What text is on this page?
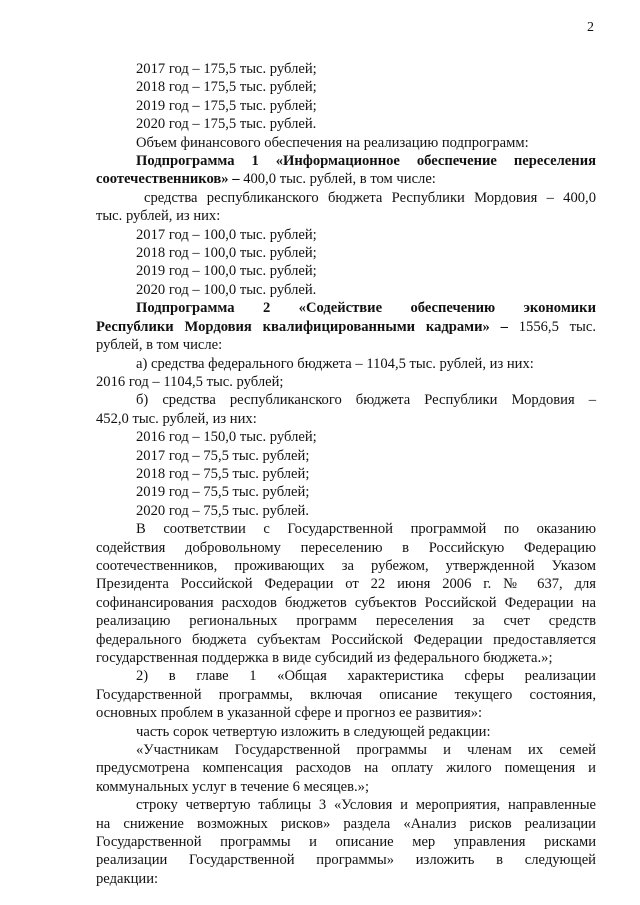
2
2017 год – 175,5 тыс. рублей;
2018 год – 175,5 тыс. рублей;
2019 год – 175,5 тыс. рублей;
2020 год – 175,5 тыс. рублей.
Объем финансового обеспечения на реализацию подпрограмм:
Подпрограмма 1 «Информационное обеспечение переселения
соотечественников» – 400,0 тыс. рублей, в том числе:
средства республиканского бюджета Республики Мордовия – 400,0
тыс. рублей, из них:
2017 год – 100,0 тыс. рублей;
2018 год – 100,0 тыс. рублей;
2019 год – 100,0 тыс. рублей;
2020 год – 100,0 тыс. рублей.
Подпрограмма 2 «Содействие обеспечению экономики
Республики Мордовия квалифицированными кадрами» – 1556,5 тыс.
рублей, в том числе:
а) средства федерального бюджета – 1104,5 тыс. рублей, из них:
2016 год – 1104,5 тыс. рублей;
б) средства республиканского бюджета Республики Мордовия –
452,0 тыс. рублей, из них:
2016 год – 150,0 тыс. рублей;
2017 год – 75,5 тыс. рублей;
2018 год – 75,5 тыс. рублей;
2019 год – 75,5 тыс. рублей;
2020 год – 75,5 тыс. рублей.
В соответствии с Государственной программой по оказанию
содействия добровольному переселению в Российскую Федерацию
соотечественников, проживающих за рубежом, утвержденной Указом
Президента Российской Федерации от 22 июня 2006 г. № 637, для
софинансирования расходов бюджетов субъектов Российской Федерации на
реализацию региональных программ переселения за счет средств
федерального бюджета субъектам Российской Федерации предоставляется
государственная поддержка в виде субсидий из федерального бюджета.»;
2) в главе 1 «Общая характеристика сферы реализации
Государственной программы, включая описание текущего состояния,
основных проблем в указанной сфере и прогноз ее развития»:
часть сорок четвертую изложить в следующей редакции:
«Участникам Государственной программы и членам их семей
предусмотрена компенсация расходов на оплату жилого помещения и
коммунальных услуг в течение 6 месяцев.»;
строку четвертую таблицы 3 «Условия и мероприятия, направленные
на снижение возможных рисков» раздела «Анализ рисков реализации
Государственной программы и описание мер управления рисками
реализации Государственной программы» изложить в следующей
редакции:
